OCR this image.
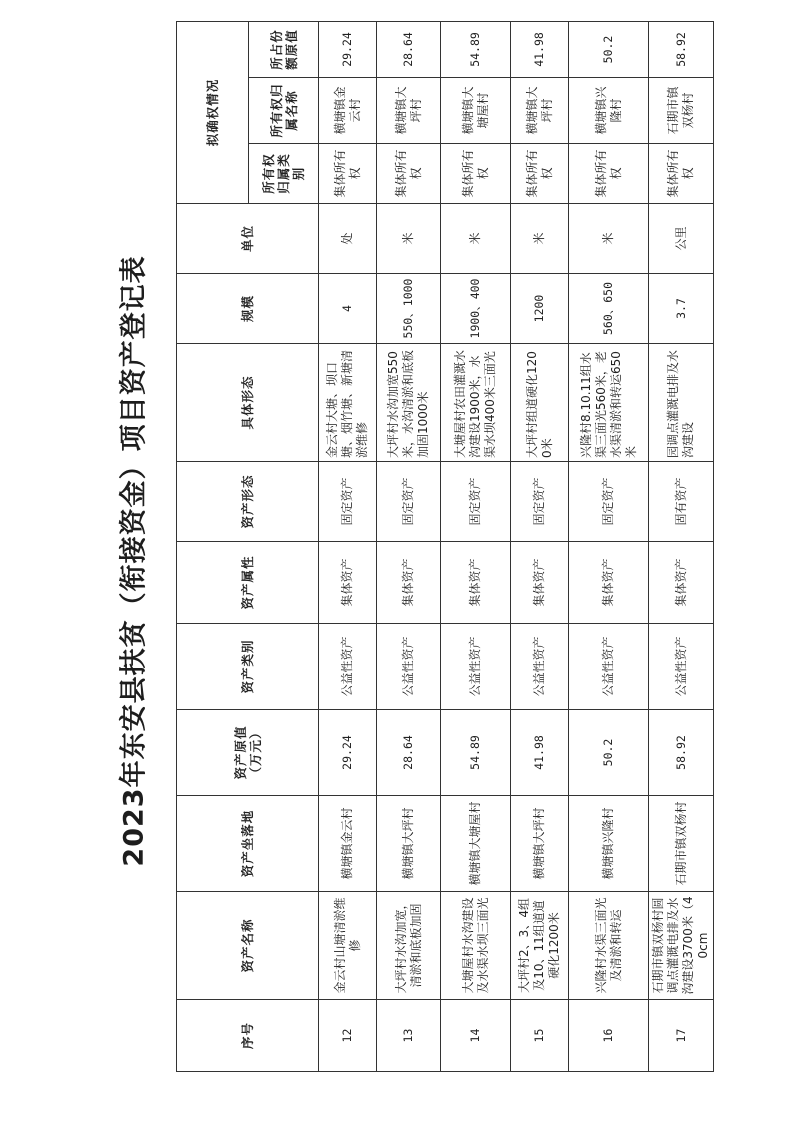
2023年东安县扶贫（衔接资金）项目资产登记表
序号	资产名称	资产坐落地	资产原值（万元）	资产类别	资产属性	资产形态	具体形态	规模	单位	拟确权情况		
										所有权归属类别	所有权归属名称	所占份额原值
12	金云村山塘清淤维修	横塘镇金云村	29.24	公益性资产	集体资产	固定资产	金云村大塘、坝口塘、烟竹塘、新塘清淤维修	4	处	集体所有权	横塘镇金云村	29.24
13	大坪村水沟加宽，清淤和底板加固	横塘镇大坪村	28.64	公益性资产	集体资产	固定资产	大坪村水沟加宽550米，水沟清淤和底板加固1000米	550、1000	米	集体所有权	横塘镇大坪村	28.64
14	大塘屋村水沟建设及水渠水坝三面光	横塘镇大塘屋村	54.89	公益性资产	集体资产	固定资产	大塘屋村农田灌溉水沟建设1900米，水渠水坝400米三面光	1900、400	米	集体所有权	横塘镇大塘屋村	54.89
15	大坪村2、3、4组及10、11组道道硬化1200米	横塘镇大坪村	41.98	公益性资产	集体资产	固定资产	大坪村组道硬化1200米	1200	米	集体所有权	横塘镇大坪村	41.98
16	兴隆村水渠三面光及清淤和转运	横塘镇兴隆村	50.2	公益性资产	集体资产	固定资产	兴隆村8.10.11组水渠三面光560米，老水渠清淤和转运650米	560、650	米	集体所有权	横塘镇兴隆村	50.2
17	石期市镇双杨村圆调点灌溉电排及水沟建设3700米（40cm	石期市镇双杨村	58.92	公益性资产	集体资产	固有资产	园调点灌溉电排及水沟建设	3.7	公里	集体所有权	石期市镇双杨村	58.92
